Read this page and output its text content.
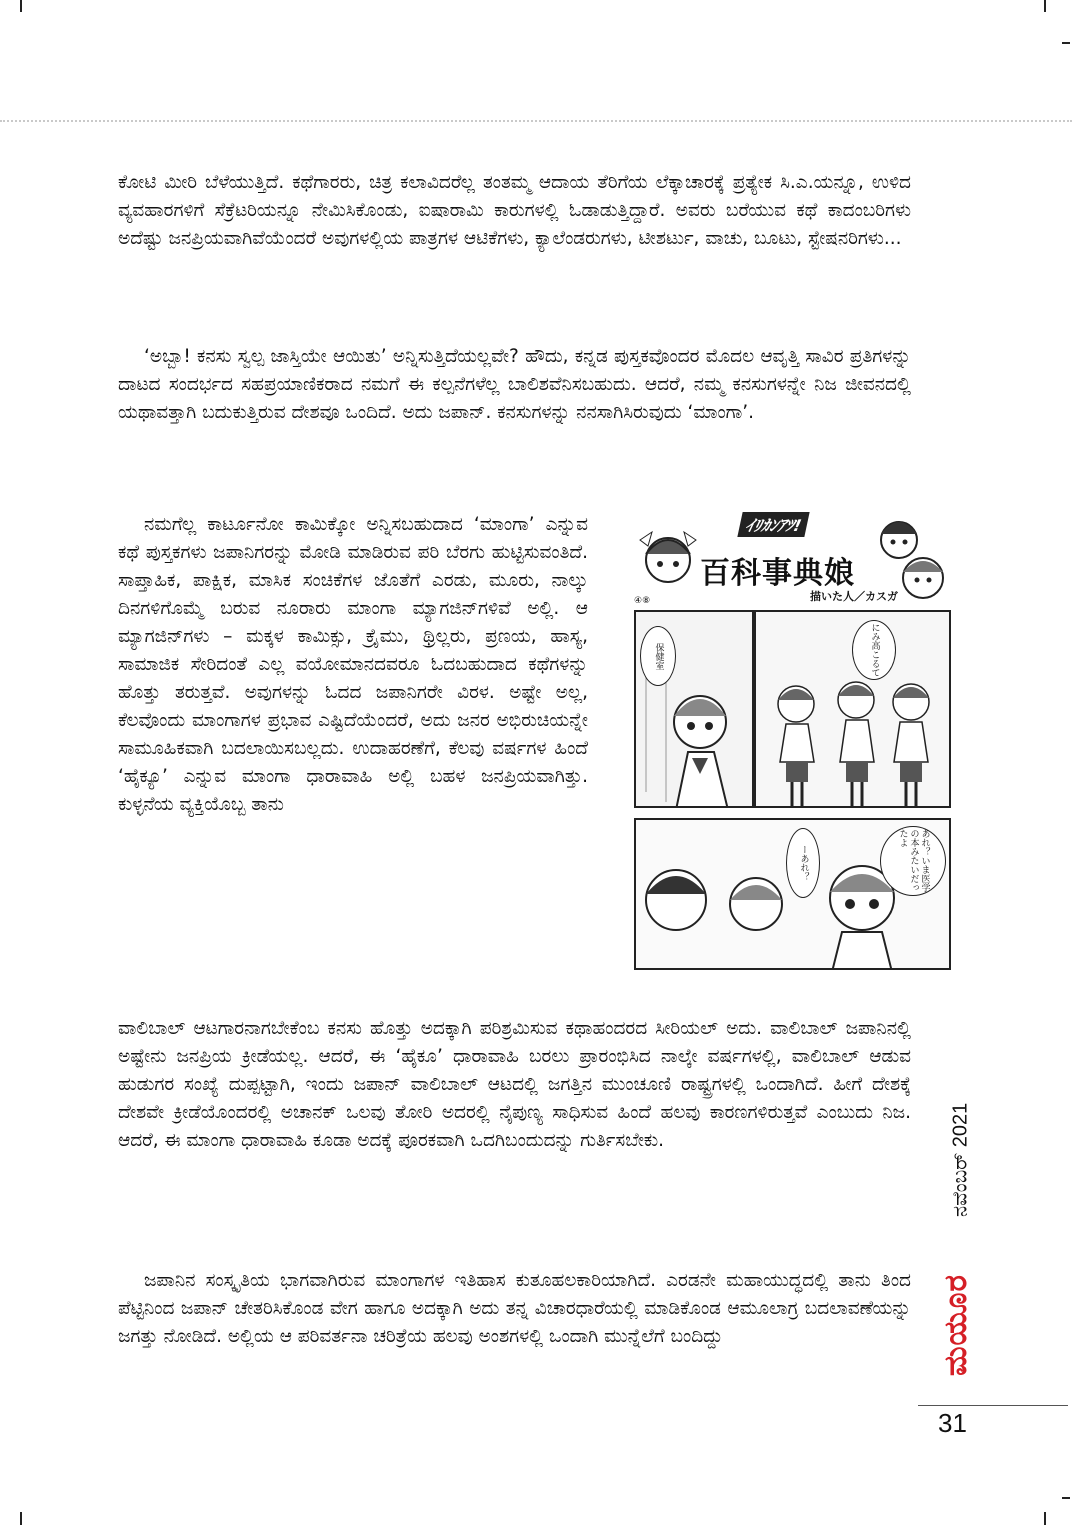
ಕೋಟಿ ಮೀರಿ ಬೆಳೆಯುತ್ತಿದೆ. ಕಥೆಗಾರರು, ಚಿತ್ರ ಕಲಾವಿದರೆಲ್ಲ ತಂತಮ್ಮ ಆದಾಯ ತೆರಿಗೆಯ ಲೆಕ್ಕಾಚಾರಕ್ಕೆ ಪ್ರತ್ಯೇಕ ಸಿ.ಎ.ಯನ್ನೂ, ಉಳಿದ ವ್ಯವಹಾರಗಳಿಗೆ ಸೆಕ್ರೆಟರಿಯನ್ನೂ ನೇಮಿಸಿಕೊಂಡು, ಐಷಾರಾಮಿ ಕಾರುಗಳಲ್ಲಿ ಓಡಾಡುತ್ತಿದ್ದಾರೆ. ಅವರು ಬರೆಯುವ ಕಥೆ ಕಾದಂಬರಿಗಳು ಅದೆಷ್ಟು ಜನಪ್ರಿಯವಾಗಿವೆಯೆಂದರೆ ಅವುಗಳಲ್ಲಿಯ ಪಾತ್ರಗಳ ಆಟಿಕೆಗಳು, ಕ್ಯಾಲೆಂಡರುಗಳು, ಟೀಶರ್ಟು, ವಾಚು, ಬೂಟು, ಸ್ಟೇಷನರಿಗಳು...

‘ಅಬ್ಬಾ! ಕನಸು ಸ್ವಲ್ಪ ಜಾಸ್ತಿಯೇ ಆಯಿತು’ ಅನ್ನಿಸುತ್ತಿದೆಯಲ್ಲವೇ? ಹೌದು, ಕನ್ನಡ ಪುಸ್ತಕವೊಂದರ ಮೊದಲ ಆವೃತ್ತಿ ಸಾವಿರ ಪ್ರತಿಗಳನ್ನು ದಾಟದ ಸಂದರ್ಭದ ಸಹಪ್ರಯಾಣಿಕರಾದ ನಮಗೆ ಈ ಕಲ್ಪನೆಗಳೆಲ್ಲ ಬಾಲಿಶವೆನಿಸಬಹುದು. ಆದರೆ, ನಮ್ಮ ಕನಸುಗಳನ್ನೇ ನಿಜ ಜೀವನದಲ್ಲಿ ಯಥಾವತ್ತಾಗಿ ಬದುಕುತ್ತಿರುವ ದೇಶವೂ ಒಂದಿದೆ. ಅದು ಜಪಾನ್. ಕನಸುಗಳನ್ನು ನನಸಾಗಿಸಿರುವುದು ‘ಮಾಂಗಾ’.

ನಮಗೆಲ್ಲ ಕಾರ್ಟೂನೋ ಕಾಮಿಕ್ಕೋ ಅನ್ನಿಸಬಹುದಾದ ‘ಮಾಂಗಾ’ ಎನ್ನುವ ಕಥೆ ಪುಸ್ತಕಗಳು ಜಪಾನಿಗರನ್ನು ಮೋಡಿ ಮಾಡಿರುವ ಪರಿ ಬೆರಗು ಹುಟ್ಟಿಸುವಂತಿದೆ. ಸಾಪ್ತಾಹಿಕ, ಪಾಕ್ಷಿಕ, ಮಾಸಿಕ ಸಂಚಿಕೆಗಳ ಜೊತೆಗೆ ಎರಡು, ಮೂರು, ನಾಲ್ಕು ದಿನಗಳಿಗೊಮ್ಮೆ ಬರುವ ನೂರಾರು ಮಾಂಗಾ ಮ್ಯಾಗಜಿನ್‌ಗಳಿವೆ ಅಲ್ಲಿ. ಆ ಮ್ಯಾಗಜಿನ್‌ಗಳು – ಮಕ್ಕಳ ಕಾಮಿಕ್ಸು, ಕ್ರೈಮು, ಥ್ರಿಲ್ಲರು, ಪ್ರಣಯ, ಹಾಸ್ಯ, ಸಾಮಾಜಿಕ ಸೇರಿದಂತೆ ಎಲ್ಲ ವಯೋಮಾನದವರೂ ಓದಬಹುದಾದ ಕಥೆಗಳನ್ನು ಹೊತ್ತು ತರುತ್ತವೆ. ಅವುಗಳನ್ನು ಓದದ ಜಪಾನಿಗರೇ ವಿರಳ. ಅಷ್ಟೇ ಅಲ್ಲ, ಕೆಲವೊಂದು ಮಾಂಗಾಗಳ ಪ್ರಭಾವ ಎಷ್ಟಿದೆಯೆಂದರೆ, ಅದು ಜನರ ಅಭಿರುಚಿಯನ್ನೇ ಸಾಮೂಹಿಕವಾಗಿ ಬದಲಾಯಿಸಬಲ್ಲದು. ಉದಾಹರಣೆಗೆ, ಕೆಲವು ವರ್ಷಗಳ ಹಿಂದೆ ‘ಹೈಕ್ಯೂ’ ಎನ್ನುವ ಮಾಂಗಾ ಧಾರಾವಾಹಿ ಅಲ್ಲಿ ಬಹಳ ಜನಪ್ರಿಯವಾಗಿತ್ತು. ಕುಳ್ಳನೆಯ ವ್ಯಕ್ತಿಯೊಬ್ಬ ತಾನು

ವಾಲಿಬಾಲ್ ಆಟಗಾರನಾಗಬೇಕೆಂಬ ಕನಸು ಹೊತ್ತು ಅದಕ್ಕಾಗಿ ಪರಿಶ್ರಮಿಸುವ ಕಥಾಹಂದರದ ಸೀರಿಯಲ್ ಅದು. ವಾಲಿಬಾಲ್ ಜಪಾನಿನಲ್ಲಿ ಅಷ್ಟೇನು ಜನಪ್ರಿಯ ಕ್ರೀಡೆಯಲ್ಲ. ಆದರೆ, ಈ ‘ಹೈಕೂ’ ಧಾರಾವಾಹಿ ಬರಲು ಪ್ರಾರಂಭಿಸಿದ ನಾಲ್ಕೇ ವರ್ಷಗಳಲ್ಲಿ, ವಾಲಿಬಾಲ್ ಆಡುವ ಹುಡುಗರ ಸಂಖ್ಯೆ ದುಪ್ಪಟ್ಟಾಗಿ, ಇಂದು ಜಪಾನ್ ವಾಲಿಬಾಲ್ ಆಟದಲ್ಲಿ ಜಗತ್ತಿನ ಮುಂಚೂಣಿ ರಾಷ್ಟ್ರಗಳಲ್ಲಿ ಒಂದಾಗಿದೆ. ಹೀಗೆ ದೇಶಕ್ಕೆ ದೇಶವೇ ಕ್ರೀಡೆಯೊಂದರಲ್ಲಿ ಅಚಾನಕ್ ಒಲವು ತೋರಿ ಅದರಲ್ಲಿ ನೈಪುಣ್ಯ ಸಾಧಿಸುವ ಹಿಂದೆ ಹಲವು ಕಾರಣಗಳಿರುತ್ತವೆ ಎಂಬುದು ನಿಜ. ಆದರೆ, ಈ ಮಾಂಗಾ ಧಾರಾವಾಹಿ ಕೂಡಾ ಅದಕ್ಕೆ ಪೂರಕವಾಗಿ ಒದಗಿಬಂದುದನ್ನು ಗುರ್ತಿಸಬೇಕು.

ಜಪಾನಿನ ಸಂಸ್ಕೃತಿಯ ಭಾಗವಾಗಿರುವ ಮಾಂಗಾಗಳ ಇತಿಹಾಸ ಕುತೂಹಲಕಾರಿಯಾಗಿದೆ. ಎರಡನೇ ಮಹಾಯುದ್ಧದಲ್ಲಿ ತಾನು ತಿಂದ ಪೆಟ್ಟಿನಿಂದ ಜಪಾನ್ ಚೇತರಿಸಿಕೊಂಡ ವೇಗ ಹಾಗೂ ಅದಕ್ಕಾಗಿ ಅದು ತನ್ನ ವಿಚಾರಧಾರೆಯಲ್ಲಿ ಮಾಡಿಕೊಂಡ ಆಮೂಲಾಗ್ರ ಬದಲಾವಣೆಯನ್ನು ಜಗತ್ತು ನೋಡಿದೆ. ಅಲ್ಲಿಯ ಆ ಪರಿವರ್ತನಾ ಚರಿತ್ರೆಯ ಹಲವು ಅಂಶಗಳಲ್ಲಿ ಒಂದಾಗಿ ಮುನ್ನೆಲೆಗೆ ಬಂದಿದ್ದು

ｲﾘｶﾝｱﾂ!
百科事典娘
描いた人／カスガ
④⑧
保健室	にみ高こるて
ーあれ？	あれ？いま医学の本みたいだったよ
ನವೆಂಬರ್ 2021
ಮಯೂರ
31
